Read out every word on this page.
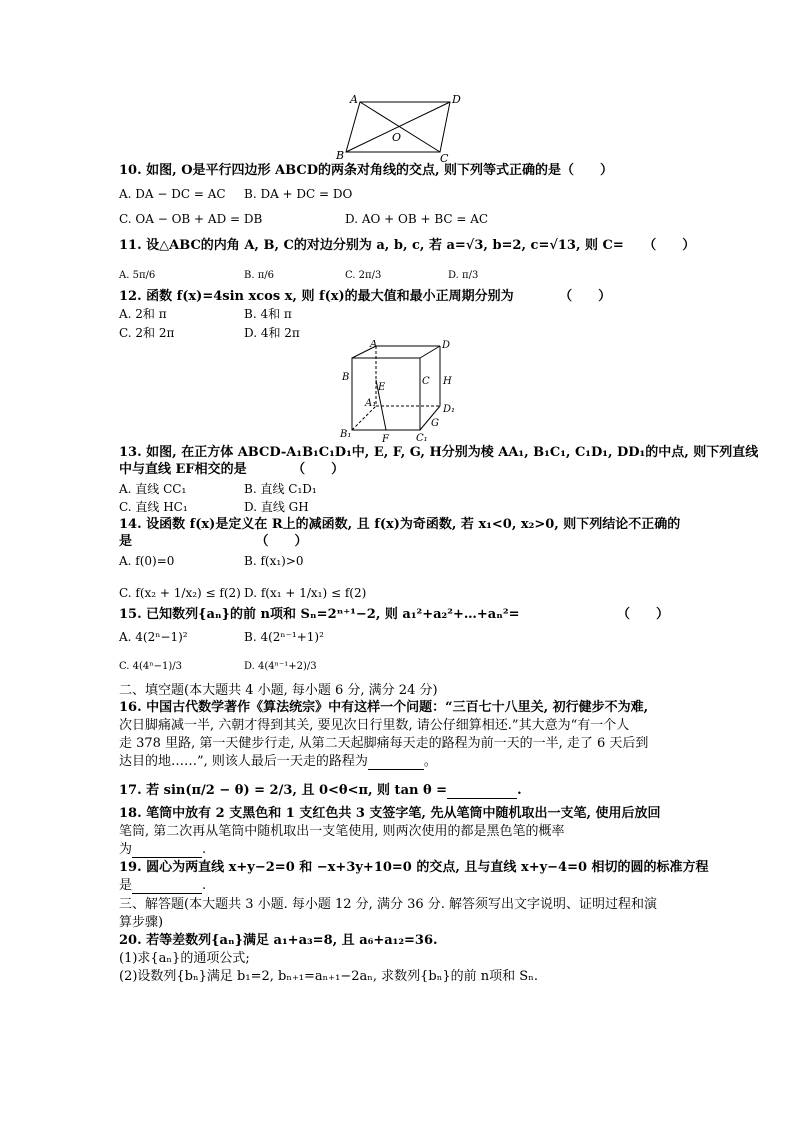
A	D
O
B	C
10. 如图, O是平行四边形 ABCD的两条对角线的交点, 则下列等式正确的是（　　）
A. DA − DC = AC B. DA + DC = DO
C. OA − OB + AD = DB	D. AO + OB + BC = AC
11. 设△ABC的内角 A, B, C的对边分别为 a, b, c, 若 a=√3, b=2, c=√13, 则 C=　　（　　）
A. 5π/6	B. π/6	C. 2π/3	D. π/3
12. 函数 f(x)=4sin xcos x, 则 f(x)的最大值和最小正周期分别为　　　　（　　）
A. 2和 π	B. 4和 π
C. 2和 2π	D. 4和 2π
A	D
B	C H
E
A₁
D₁
G
B₁	F	C₁
13. 如图, 在正方体 ABCD-A₁B₁C₁D₁中, E, F, G, H分别为棱 AA₁, B₁C₁, C₁D₁, DD₁的中点, 则下列直线
中与直线 EF相交的是　　　　（　　）
A. 直线 CC₁	B. 直线 C₁D₁
C. 直线 HC₁	D. 直线 GH
14. 设函数 f(x)是定义在 R上的减函数, 且 f(x)为奇函数, 若 x₁<0, x₂>0, 则下列结论不正确的
是　　　　　　　　　　（　　）
A. f(0)=0	B. f(x₁)>0
C. f(x₂ + 1/x₂) ≤ f(2) D. f(x₁ + 1/x₁) ≤ f(2)
15. 已知数列{aₙ}的前 n项和 Sₙ=2ⁿ⁺¹−2, 则 a₁²+a₂²+…+aₙ²=　　　　　　　　（　　）
A. 4(2ⁿ−1)²	B. 4(2ⁿ⁻¹+1)²
C. 4(4ⁿ−1)/3	D. 4(4ⁿ⁻¹+2)/3
二、填空题(本大题共 4 小题, 每小题 6 分, 满分 24 分)
16. 中国古代数学著作《算法统宗》中有这样一个问题：“三百七十八里关, 初行健步不为难,
次日脚痛减一半, 六朝才得到其关, 要见次日行里数, 请公仔细算相还.”其大意为“有一个人
走 378 里路, 第一天健步行走, 从第二天起脚痛每天走的路程为前一天的一半, 走了 6 天后到
达目的地……”, 则该人最后一天走的路程为	。
17. 若 sin(π/2 − θ) = 2/3, 且 0<θ<π, 则 tan θ =	.
18. 笔筒中放有 2 支黑色和 1 支红色共 3 支签字笔, 先从笔筒中随机取出一支笔, 使用后放回
笔筒, 第二次再从笔筒中随机取出一支笔使用, 则两次使用的都是黑色笔的概率
为	.
19. 圆心为两直线 x+y−2=0 和 −x+3y+10=0 的交点, 且与直线 x+y−4=0 相切的圆的标准方程
是	.
三、解答题(本大题共 3 小题. 每小题 12 分, 满分 36 分. 解答须写出文字说明、证明过程和演
算步骤)
20. 若等差数列{aₙ}满足 a₁+a₃=8, 且 a₆+a₁₂=36.
(1)求{aₙ}的通项公式;
(2)设数列{bₙ}满足 b₁=2, bₙ₊₁=aₙ₊₁−2aₙ, 求数列{bₙ}的前 n项和 Sₙ.
